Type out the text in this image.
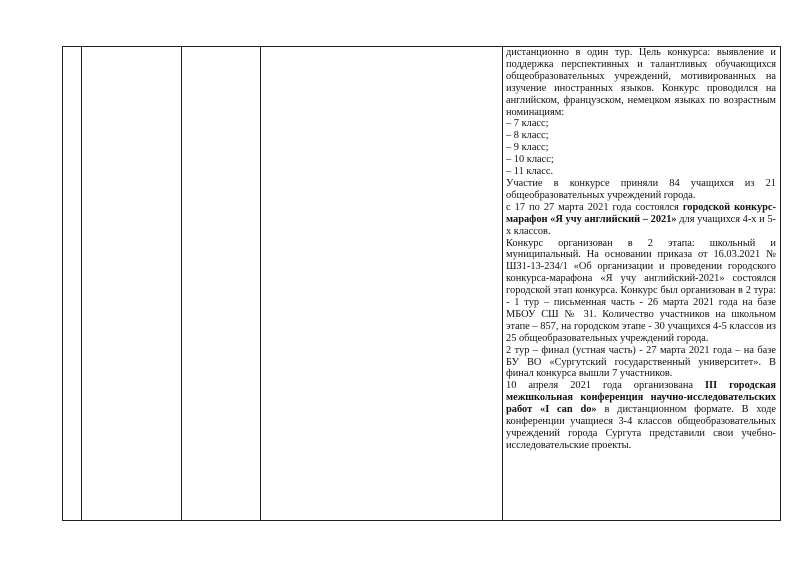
дистанционно в один тур. Цель конкурса: выявление и поддержка перспективных и талантливых обучающихся общеобразовательных учреждений, мотивированных на изучение иностранных языков. Конкурс проводился на английском, французском, немецком языках по возрастным номинациям:

– 7 класс;

– 8 класс;

– 9 класс;

– 10 класс;

– 11 класс.

Участие в конкурсе приняли 84 учащихся из 21 общеобразовательных учреждений города.

с 17 по 27 марта 2021 года состоялся городской конкурс-марафон «Я учу английский – 2021» для учащихся 4-х и 5-х классов.

Конкурс организован в 2 этапа: школьный и муниципальный. На основании приказа от 16.03.2021 № ШЗ1-13-234/1 «Об организации и проведении городского конкурса-марафона «Я учу английский-2021» состоялся городской этап конкурса. Конкурс был организован в 2 тура: - 1 тур – письменная часть - 26 марта 2021 года на базе МБОУ СШ № 31. Количество участников на школьном этапе – 857, на городском этапе - 30 учащихся 4-5 классов из 25 общеобразовательных учреждений города.

2 тур – финал (устная часть) - 27 марта 2021 года – на базе БУ ВО «Сургутский государственный университет». В финал конкурса вышли 7 участников.

10 апреля 2021 года организована III городская межшкольная конференция научно-исследовательских работ «I can do» в дистанционном формате. В ходе конференции учащиеся 3-4 классов общеобразовательных учреждений города Сургута представили свои учебно-исследовательские проекты.
